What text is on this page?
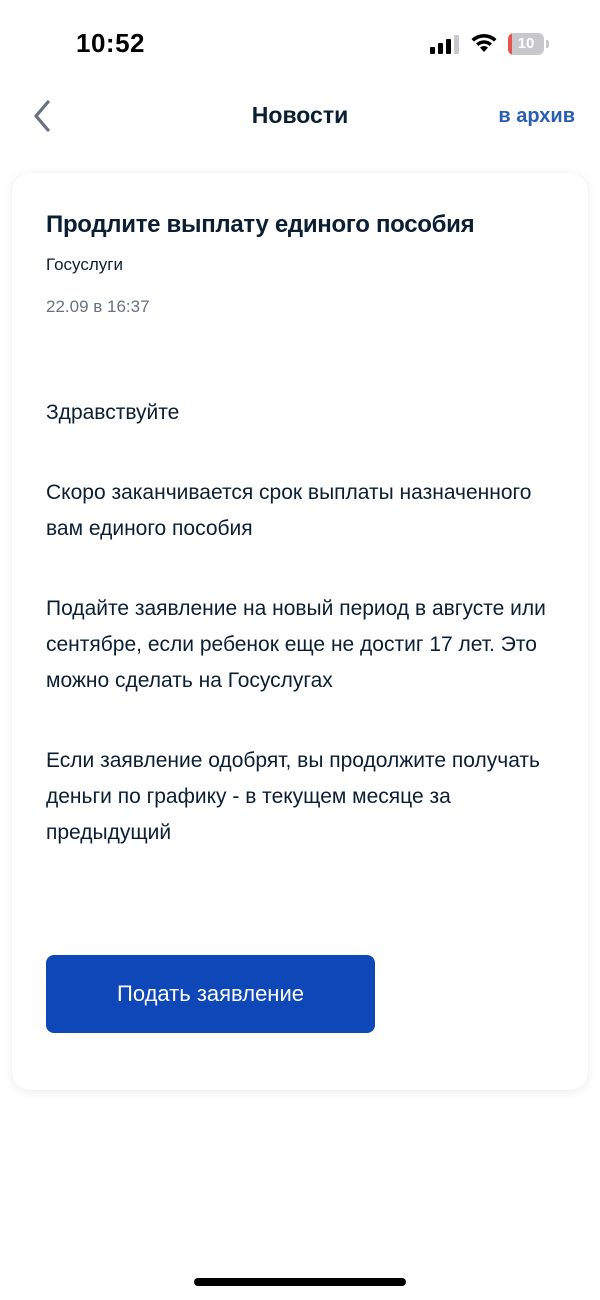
10:52	10
Новости	в архив
Продлите выплату единого пособия
Госуслуги
22.09 в 16:37

Здравствуйте

Скоро заканчивается срок выплаты назначенного вам единого пособия

Подайте заявление на новый период в августе или сентябре, если ребенок еще не достиг 17 лет. Это можно сделать на Госуслугах

Если заявление одобрят, вы продолжите получать деньги по графику - в текущем месяце за предыдущий

Подать заявление
